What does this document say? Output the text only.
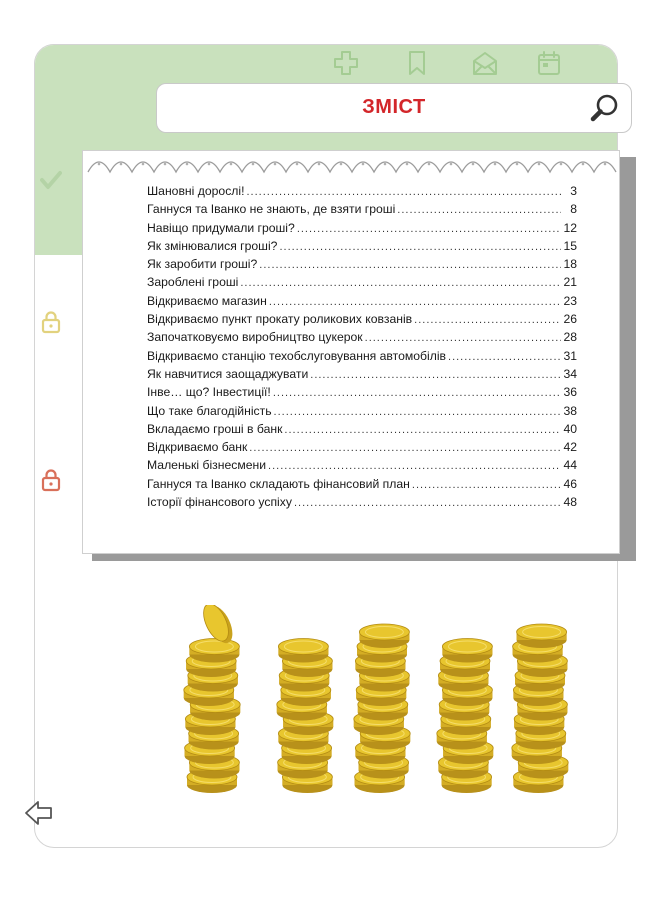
ЗМІСТ
Шановні дорослі! .....	3
Ганнуся та Іванко не знають, де взяти гроші .....	8
Навіщо придумали гроші? .....	12
Як змінювалися гроші? .....	15
Як заробити гроші? .....	18
Зароблені гроші .....	21
Відкриваємо магазин .....	23
Відкриваємо пункт прокату роликових ковзанів .....	26
Започатковуємо виробництво цукерок .....	28
Відкриваємо станцію техобслуговування автомобілів .....	31
Як навчитися заощаджувати .....	34
Інве… що? Інвестиції! .....	36
Що таке благодійність .....	38
Вкладаємо гроші в банк .....	40
Відкриваємо банк .....	42
Маленькі бізнесмени .....	44
Ганнуся та Іванко складають фінансовий план .....	46
Історії фінансового успіху .....	48
